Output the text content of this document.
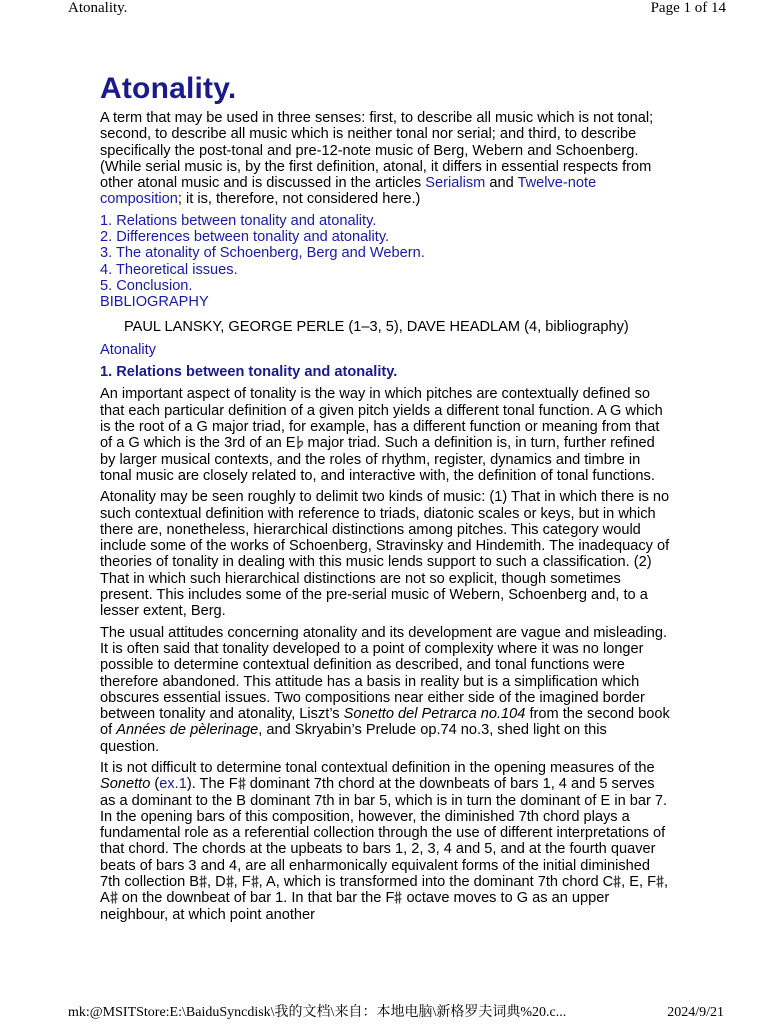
Atonality.	Page 1 of 14
Atonality.

A term that may be used in three senses: first, to describe all music which is not tonal; second, to describe all music which is neither tonal nor serial; and third, to describe specifically the post-tonal and pre-12-note music of Berg, Webern and Schoenberg. (While serial music is, by the first definition, atonal, it differs in essential respects from other atonal music and is discussed in the articles Serialism and Twelve-note composition; it is, therefore, not considered here.)

1. Relations between tonality and atonality.
2. Differences between tonality and atonality.
3. The atonality of Schoenberg, Berg and Webern.
4. Theoretical issues.
5. Conclusion.
BIBLIOGRAPHY
PAUL LANSKY, GEORGE PERLE (1–3, 5), DAVE HEADLAM (4, bibliography)
Atonality
1. Relations between tonality and atonality.

An important aspect of tonality is the way in which pitches are contextually defined so that each particular definition of a given pitch yields a different tonal function. A G which is the root of a G major triad, for example, has a different function or meaning from that of a G which is the 3rd of an E
major triad. Such a definition is, in turn, further refined by larger musical contexts, and the roles of rhythm, register, dynamics and timbre in tonal music are closely related to, and interactive with, the definition of tonal functions.

Atonality may be seen roughly to delimit two kinds of music: (1) That in which there is no such contextual definition with reference to triads, diatonic scales or keys, but in which there are, nonetheless, hierarchical distinctions among pitches. This category would include some of the works of Schoenberg, Stravinsky and Hindemith. The inadequacy of theories of tonality in dealing with this music lends support to such a classification. (2) That in which such hierarchical distinctions are not so explicit, though sometimes present. This includes some of the pre-serial music of Webern, Schoenberg and, to a lesser extent, Berg.

The usual attitudes concerning atonality and its development are vague and misleading. It is often said that tonality developed to a point of complexity where it was no longer possible to determine contextual definition as described, and tonal functions were therefore abandoned. This attitude has a basis in reality but is a simplification which obscures essential issues. Two compositions near either side of the imagined border between tonality and atonality, Liszt’s Sonetto del Petrarca no.104 from the second book of Années de pèlerinage, and Skryabin’s Prelude op.74 no.3, shed light on this question.

It is not difficult to determine tonal contextual definition in the opening measures of the Sonetto (ex.1). The F
dominant 7th chord at the downbeats of bars 1, 4 and 5 serves as a dominant to the B dominant 7th in bar 5, which is in turn the dominant of E in bar 7. In the opening bars of this composition, however, the diminished 7th chord plays a fundamental role as a referential collection through the use of different interpretations of that chord. The chords at the upbeats to bars 1, 2, 3, 4 and 5, and at the fourth quaver beats of bars 3 and 4, are all enharmonically equivalent forms of the initial diminished 7th collection B , D , F , A, which is transformed into the dominant 7th chord C , E, F , A
on the downbeat of bar 1. In that bar the F
octave moves to G as an upper neighbour, at which point another

mk:@MSITStore:E:\BaiduSyncdisk\我的文档\来自：本地电脑\新格罗夫词典%20.c...	2024/9/21
